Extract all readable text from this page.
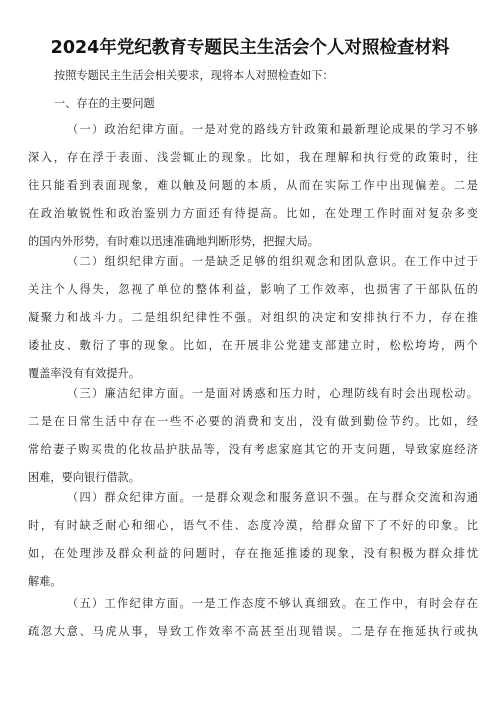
2024年党纪教育专题民主生活会个人对照检查材料
按照专题民主生活会相关要求，现将本人对照检查如下：
一、存在的主要问题
（一）政治纪律方面。一是对党的路线方针政策和最新理论成果的学习不够
深入，存在浮于表面、浅尝辄止的现象。比如，我在理解和执行党的政策时，往
往只能看到表面现象，难以触及问题的本质，从而在实际工作中出现偏差。二是
在政治敏锐性和政治鉴别力方面还有待提高。比如，在处理工作时面对复杂多变
的国内外形势，有时难以迅速准确地判断形势，把握大局。
（二）组织纪律方面。一是缺乏足够的组织观念和团队意识。在工作中过于
关注个人得失，忽视了单位的整体利益，影响了工作效率，也损害了干部队伍的
凝聚力和战斗力。二是组织纪律性不强。对组织的决定和安排执行不力，存在推
诿扯皮、敷衍了事的现象。比如，在开展非公党建支部建立时，松松垮垮，两个
覆盖率没有有效提升。
（三）廉洁纪律方面。一是面对诱惑和压力时，心理防线有时会出现松动。
二是在日常生活中存在一些不必要的消费和支出，没有做到勤俭节约。比如，经
常给妻子购买贵的化妆品护肤品等，没有考虑家庭其它的开支问题，导致家庭经济
困难，要向银行借款。
（四）群众纪律方面。一是群众观念和服务意识不强。在与群众交流和沟通
时，有时缺乏耐心和细心，语气不佳、态度冷漠，给群众留下了不好的印象。比
如，在处理涉及群众利益的问题时，存在拖延推诿的现象，没有积极为群众排忧
解难。
（五）工作纪律方面。一是工作态度不够认真细致。在工作中，有时会存在
疏忽大意、马虎从事，导致工作效率不高甚至出现错误。二是存在拖延执行或执
